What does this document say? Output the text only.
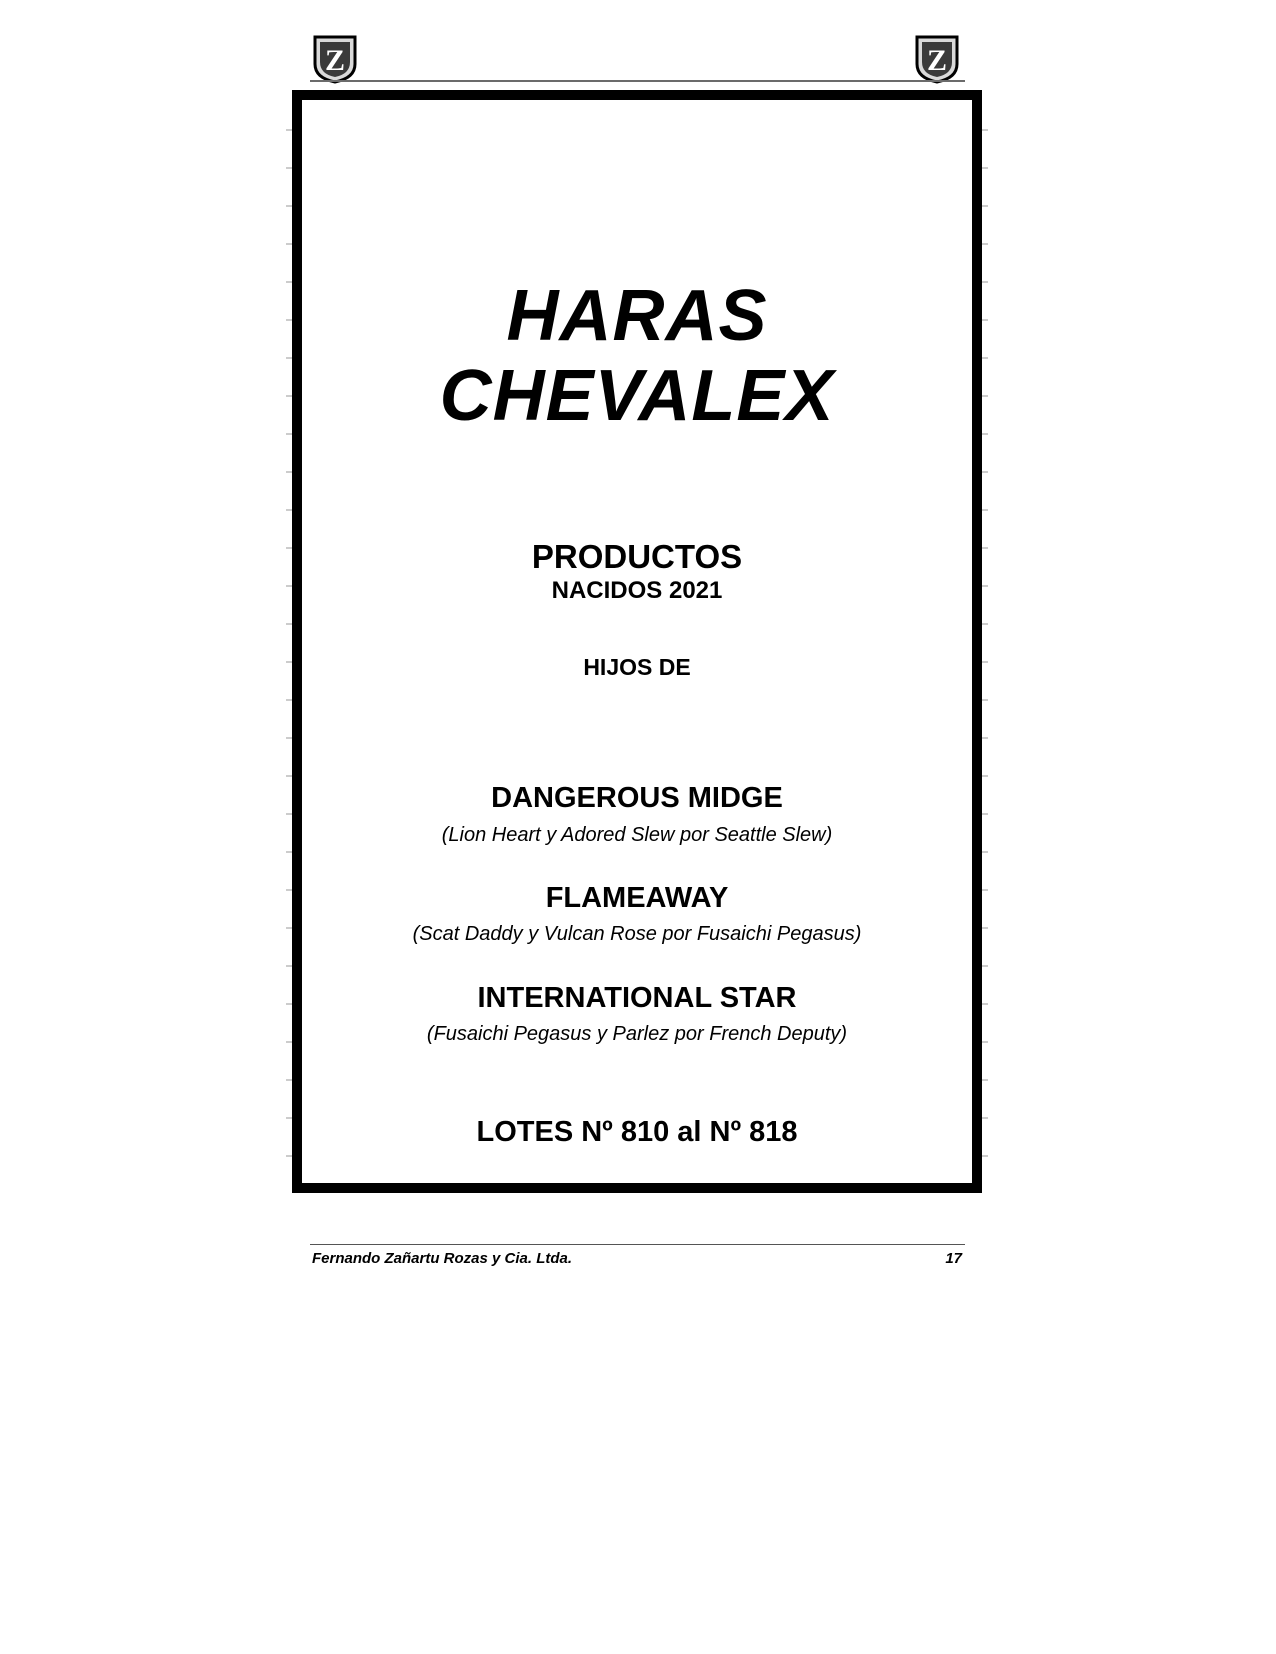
Z	Z
HARAS
CHEVALEX
PRODUCTOS
NACIDOS 2021
HIJOS DE
DANGEROUS MIDGE
(Lion Heart y Adored Slew por Seattle Slew)
FLAMEAWAY
(Scat Daddy y Vulcan Rose por Fusaichi Pegasus)
INTERNATIONAL STAR
(Fusaichi Pegasus y Parlez por French Deputy)
LOTES Nº 810 al Nº 818
Fernando Zañartu Rozas y Cia. Ltda.	17
